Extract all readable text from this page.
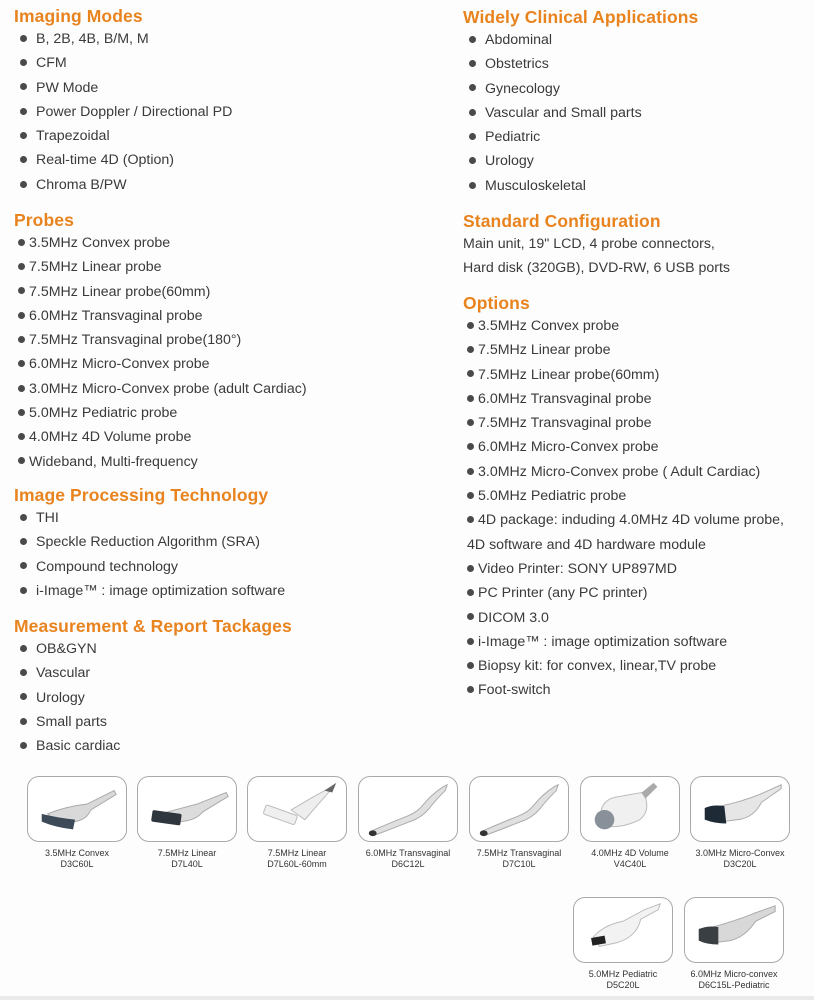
Imaging Modes
B, 2B, 4B, B/M, M
CFM
PW Mode
Power Doppler / Directional PD
Trapezoidal
Real-time 4D (Option)
Chroma B/PW
Probes
3.5MHz Convex probe
7.5MHz Linear probe
7.5MHz Linear probe(60mm)
6.0MHz Transvaginal probe
7.5MHz Transvaginal probe(180°)
6.0MHz Micro-Convex probe
3.0MHz Micro-Convex probe (adult Cardiac)
5.0MHz Pediatric probe
4.0MHz 4D Volume probe
Wideband, Multi-frequency
Image Processing Technology
THI
Speckle Reduction Algorithm (SRA)
Compound technology
i-Image™ : image optimization software
Measurement & Report Tackages
OB&GYN
Vascular
Urology
Small parts
Basic cardiac
Widely Clinical Applications
Abdominal
Obstetrics
Gynecology
Vascular and Small parts
Pediatric
Urology
Musculoskeletal
Standard Configuration
Main unit, 19" LCD, 4 probe connectors,
Hard disk (320GB), DVD-RW, 6 USB ports
Options
3.5MHz Convex probe
7.5MHz Linear probe
7.5MHz Linear probe(60mm)
6.0MHz Transvaginal probe
7.5MHz Transvaginal probe
6.0MHz Micro-Convex probe
3.0MHz Micro-Convex probe ( Adult Cardiac)
5.0MHz Pediatric probe
4D package: induding 4.0MHz 4D volume probe,
4D software and 4D hardware module
Video Printer: SONY UP897MD
PC Printer (any PC printer)
DICOM 3.0
i-Image™ : image optimization software
Biopsy kit: for convex, linear,TV probe
Foot-switch
3.5MHz Convex
D3C60L
7.5MHz Linear
D7L40L
7.5MHz Linear
D7L60L-60mm
6.0MHz Transvaginal
D6C12L
7.5MHz Transvaginal
D7C10L
4.0MHz 4D Volume
V4C40L
3.0MHz Micro-Convex
D3C20L
5.0MHz Pediatric
D5C20L
6.0MHz Micro-convex
D6C15L-Pediatric
